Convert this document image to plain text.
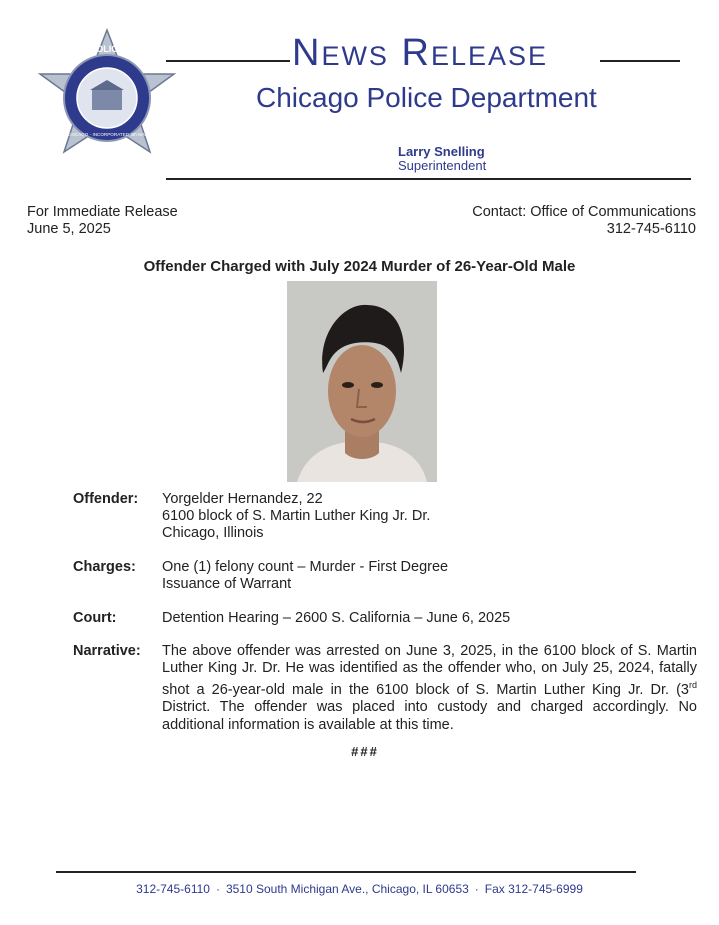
POLICE
CITY OF CHICAGO · INCORPORATED 4th MARCH 1837
News Release
Chicago Police Department
Larry Snelling
Superintendent
For Immediate Release
June 5, 2025
Contact: Office of Communications
312-745-6110
Offender Charged with July 2024 Murder of 26-Year-Old Male
Offender: Yorgelder Hernandez, 22
6100 block of S. Martin Luther King Jr. Dr.
Chicago, Illinois
Charges: One (1) felony count – Murder - First Degree
Issuance of Warrant
Court:	Detention Hearing – 2600 S. California – June 6, 2025
Narrative: The above offender was arrested on June 3, 2025, in the 6100 block of S. Martin Luther King Jr. Dr. He was identified as the offender who, on July 25, 2024, fatally shot a 26-year-old male in the 6100 block of S. Martin Luther King Jr. Dr. (3rd District. The offender was placed into custody and charged accordingly. No additional information is available at this time.
###
312-745-6110 · 3510 South Michigan Ave., Chicago, IL 60653 · Fax 312-745-6999
